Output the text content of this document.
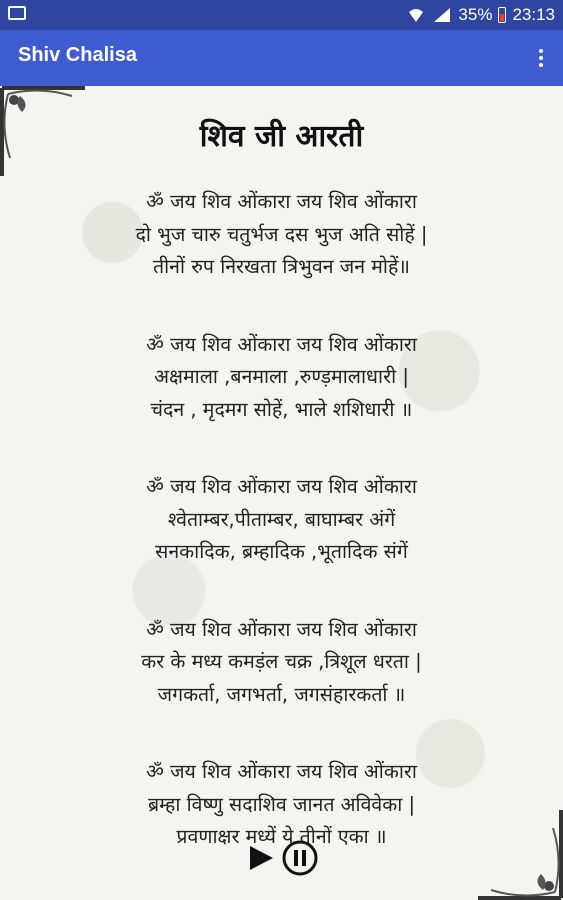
35% 23:13
Shiv Chalisa
शिव जी आरती
ॐ जय शिव ओंकारा जय शिव ओंकारा
दो भुज चारु चतुर्भज दस भुज अति सोहें |
तीनों रुप निरखता त्रिभुवन जन मोहें॥
ॐ जय शिव ओंकारा जय शिव ओंकारा
अक्षमाला ,बनमाला ,रुण्ड़मालाधारी |
चंदन , मृदमग सोहें, भाले शशिधारी ॥
ॐ जय शिव ओंकारा जय शिव ओंकारा
श्वेताम्बर,पीताम्बर, बाघाम्बर अंगें
सनकादिक, ब्रम्हादिक ,भूतादिक संगें
ॐ जय शिव ओंकारा जय शिव ओंकारा
कर के मध्य कमड़ंल चक्र ,त्रिशूल धरता |
जगकर्ता, जगभर्ता, जगसंहारकर्ता ॥
ॐ जय शिव ओंकारा जय शिव ओंकारा
ब्रम्हा विष्णु सदाशिव जानत अविवेका |
प्रवणाक्षर मध्यें ये तीनों एका ॥
